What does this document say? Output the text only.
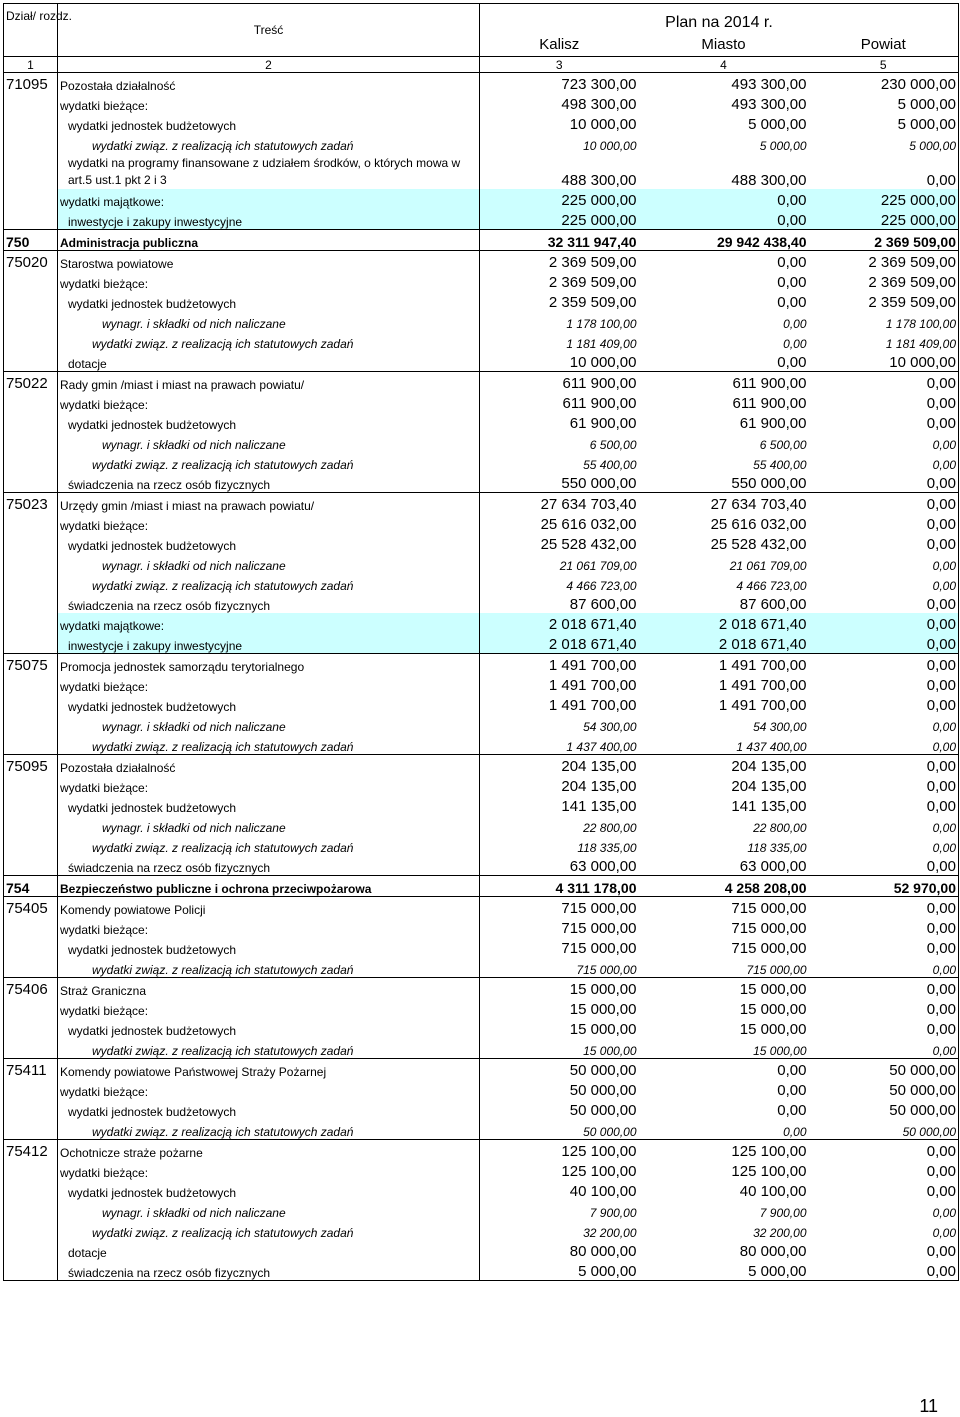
Dział/ rozdz.	Treść	Plan na 2014 r.		
		Kalisz	Miasto	Powiat
1	2	3	4	5
71095	Pozostała działalność	723 300,00	493 300,00	230 000,00
	wydatki bieżące:	498 300,00	493 300,00	5 000,00
	wydatki jednostek budżetowych	10 000,00	5 000,00	5 000,00
	wydatki związ. z realizacją ich statutowych zadań	10 000,00	5 000,00	5 000,00
	wydatki na programy finansowane z udziałem środków, o których mowa w art.5 ust.1 pkt 2 i 3	488 300,00	488 300,00	0,00
	wydatki majątkowe:	225 000,00	0,00	225 000,00
	inwestycje i zakupy inwestycyjne	225 000,00	0,00	225 000,00
750	Administracja publiczna	32 311 947,40	29 942 438,40	2 369 509,00
75020	Starostwa powiatowe	2 369 509,00	0,00	2 369 509,00
	wydatki bieżące:	2 369 509,00	0,00	2 369 509,00
	wydatki jednostek budżetowych	2 359 509,00	0,00	2 359 509,00
	wynagr. i składki od nich naliczane	1 178 100,00	0,00	1 178 100,00
	wydatki związ. z realizacją ich statutowych zadań	1 181 409,00	0,00	1 181 409,00
	dotacje	10 000,00	0,00	10 000,00
75022	Rady gmin /miast i miast na prawach powiatu/	611 900,00	611 900,00	0,00
	wydatki bieżące:	611 900,00	611 900,00	0,00
	wydatki jednostek budżetowych	61 900,00	61 900,00	0,00
	wynagr. i składki od nich naliczane	6 500,00	6 500,00	0,00
	wydatki związ. z realizacją ich statutowych zadań	55 400,00	55 400,00	0,00
	świadczenia na rzecz osób fizycznych	550 000,00	550 000,00	0,00
75023	Urzędy gmin /miast i miast na prawach powiatu/	27 634 703,40	27 634 703,40	0,00
	wydatki bieżące:	25 616 032,00	25 616 032,00	0,00
	wydatki jednostek budżetowych	25 528 432,00	25 528 432,00	0,00
	wynagr. i składki od nich naliczane	21 061 709,00	21 061 709,00	0,00
	wydatki związ. z realizacją ich statutowych zadań	4 466 723,00	4 466 723,00	0,00
	świadczenia na rzecz osób fizycznych	87 600,00	87 600,00	0,00
	wydatki majątkowe:	2 018 671,40	2 018 671,40	0,00
	inwestycje i zakupy inwestycyjne	2 018 671,40	2 018 671,40	0,00
75075	Promocja jednostek samorządu terytorialnego	1 491 700,00	1 491 700,00	0,00
	wydatki bieżące:	1 491 700,00	1 491 700,00	0,00
	wydatki jednostek budżetowych	1 491 700,00	1 491 700,00	0,00
	wynagr. i składki od nich naliczane	54 300,00	54 300,00	0,00
	wydatki związ. z realizacją ich statutowych zadań	1 437 400,00	1 437 400,00	0,00
75095	Pozostała działalność	204 135,00	204 135,00	0,00
	wydatki bieżące:	204 135,00	204 135,00	0,00
	wydatki jednostek budżetowych	141 135,00	141 135,00	0,00
	wynagr. i składki od nich naliczane	22 800,00	22 800,00	0,00
	wydatki związ. z realizacją ich statutowych zadań	118 335,00	118 335,00	0,00
	świadczenia na rzecz osób fizycznych	63 000,00	63 000,00	0,00
754	Bezpieczeństwo publiczne i ochrona przeciwpożarowa	4 311 178,00	4 258 208,00	52 970,00
75405	Komendy powiatowe Policji	715 000,00	715 000,00	0,00
	wydatki bieżące:	715 000,00	715 000,00	0,00
	wydatki jednostek budżetowych	715 000,00	715 000,00	0,00
	wydatki związ. z realizacją ich statutowych zadań	715 000,00	715 000,00	0,00
75406	Straż Graniczna	15 000,00	15 000,00	0,00
	wydatki bieżące:	15 000,00	15 000,00	0,00
	wydatki jednostek budżetowych	15 000,00	15 000,00	0,00
	wydatki związ. z realizacją ich statutowych zadań	15 000,00	15 000,00	0,00
75411	Komendy powiatowe Państwowej Straży Pożarnej	50 000,00	0,00	50 000,00
	wydatki bieżące:	50 000,00	0,00	50 000,00
	wydatki jednostek budżetowych	50 000,00	0,00	50 000,00
	wydatki związ. z realizacją ich statutowych zadań	50 000,00	0,00	50 000,00
75412	Ochotnicze straże pożarne	125 100,00	125 100,00	0,00
	wydatki bieżące:	125 100,00	125 100,00	0,00
	wydatki jednostek budżetowych	40 100,00	40 100,00	0,00
	wynagr. i składki od nich naliczane	7 900,00	7 900,00	0,00
	wydatki związ. z realizacją ich statutowych zadań	32 200,00	32 200,00	0,00
	dotacje	80 000,00	80 000,00	0,00
	świadczenia na rzecz osób fizycznych	5 000,00	5 000,00	0,00
11
